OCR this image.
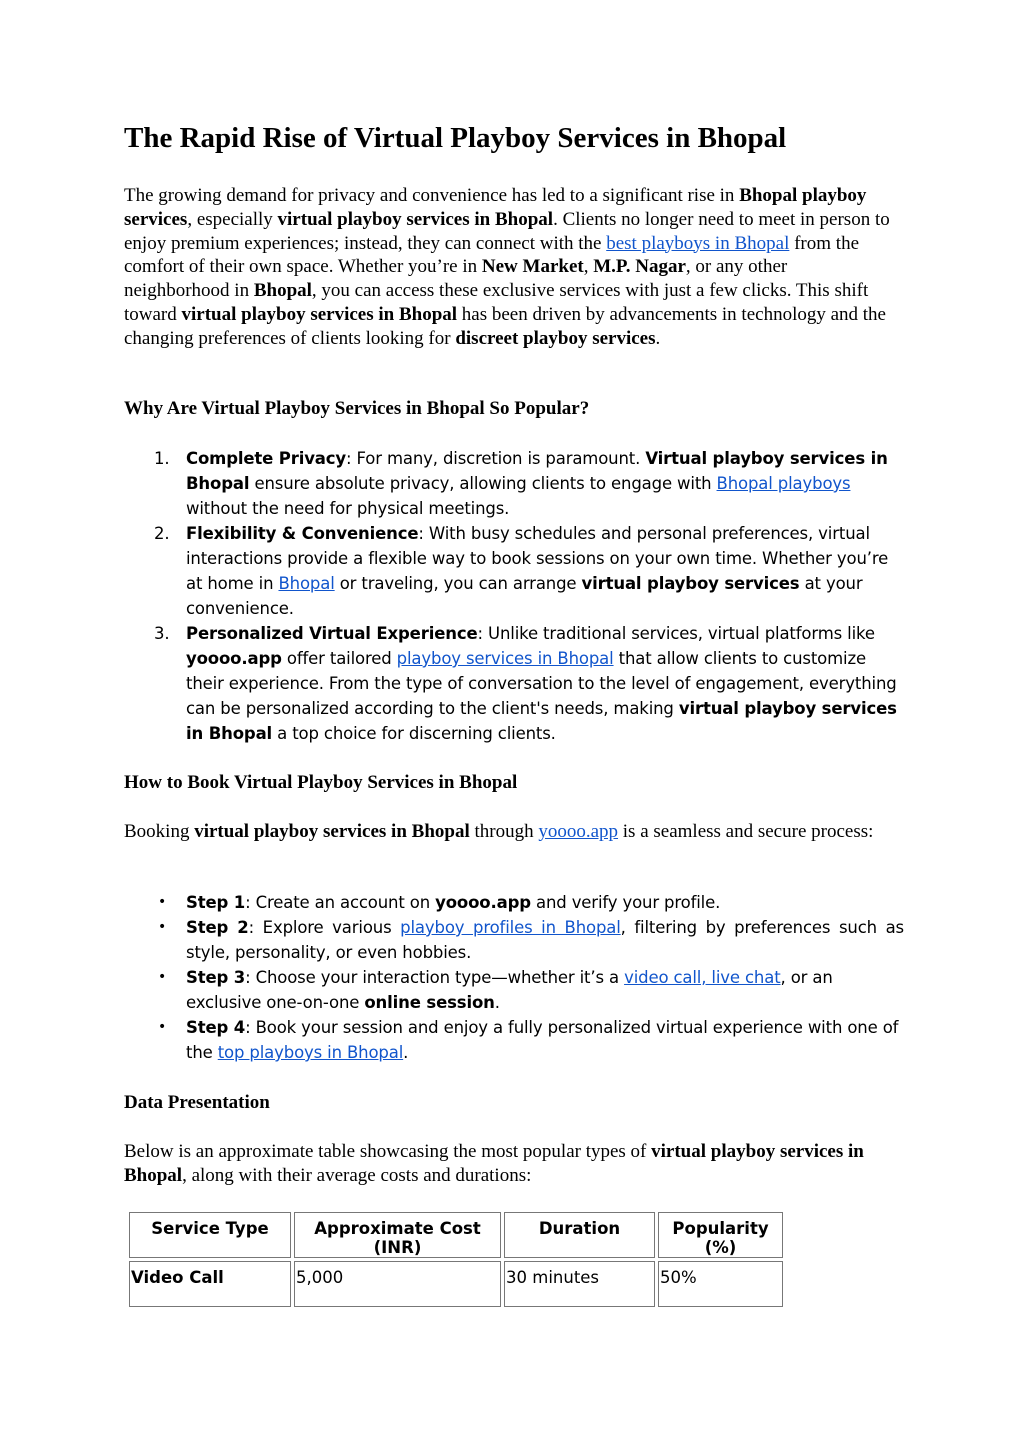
The Rapid Rise of Virtual Playboy Services in Bhopal

The growing demand for privacy and convenience has led to a significant rise in Bhopal playboy services, especially virtual playboy services in Bhopal. Clients no longer need to meet in person to enjoy premium experiences; instead, they can connect with the best playboys in Bhopal from the comfort of their own space. Whether you’re in New Market, M.P. Nagar, or any other neighborhood in Bhopal, you can access these exclusive services with just a few clicks. This shift toward virtual playboy services in Bhopal has been driven by advancements in technology and the changing preferences of clients looking for discreet playboy services.

Why Are Virtual Playboy Services in Bhopal So Popular?
1. Complete Privacy: For many, discretion is paramount. Virtual playboy services in Bhopal ensure absolute privacy, allowing clients to engage with Bhopal playboys without the need for physical meetings.
2. Flexibility & Convenience: With busy schedules and personal preferences, virtual interactions provide a flexible way to book sessions on your own time. Whether you’re at home in Bhopal or traveling, you can arrange virtual playboy services at your convenience.
3. Personalized Virtual Experience: Unlike traditional services, virtual platforms like yoooo.app offer tailored playboy services in Bhopal that allow clients to customize their experience. From the type of conversation to the level of engagement, everything can be personalized according to the client's needs, making virtual playboy services in Bhopal a top choice for discerning clients.
How to Book Virtual Playboy Services in Bhopal

Booking virtual playboy services in Bhopal through yoooo.app is a seamless and secure process:

• Step 1: Create an account on yoooo.app and verify your profile.
• Step 2: Explore various playboy profiles in Bhopal, filtering by preferences such as style, personality, or even hobbies.
• Step 3: Choose your interaction type—whether it’s a video call, live chat, or an exclusive one-on-one online session.
• Step 4: Book your session and enjoy a fully personalized virtual experience with one of the top playboys in Bhopal.
Data Presentation

Below is an approximate table showcasing the most popular types of virtual playboy services in Bhopal, along with their average costs and durations:

Service Type	Approximate Cost (INR)	Duration	Popularity (%)
Video Call	5,000	30 minutes	50%
